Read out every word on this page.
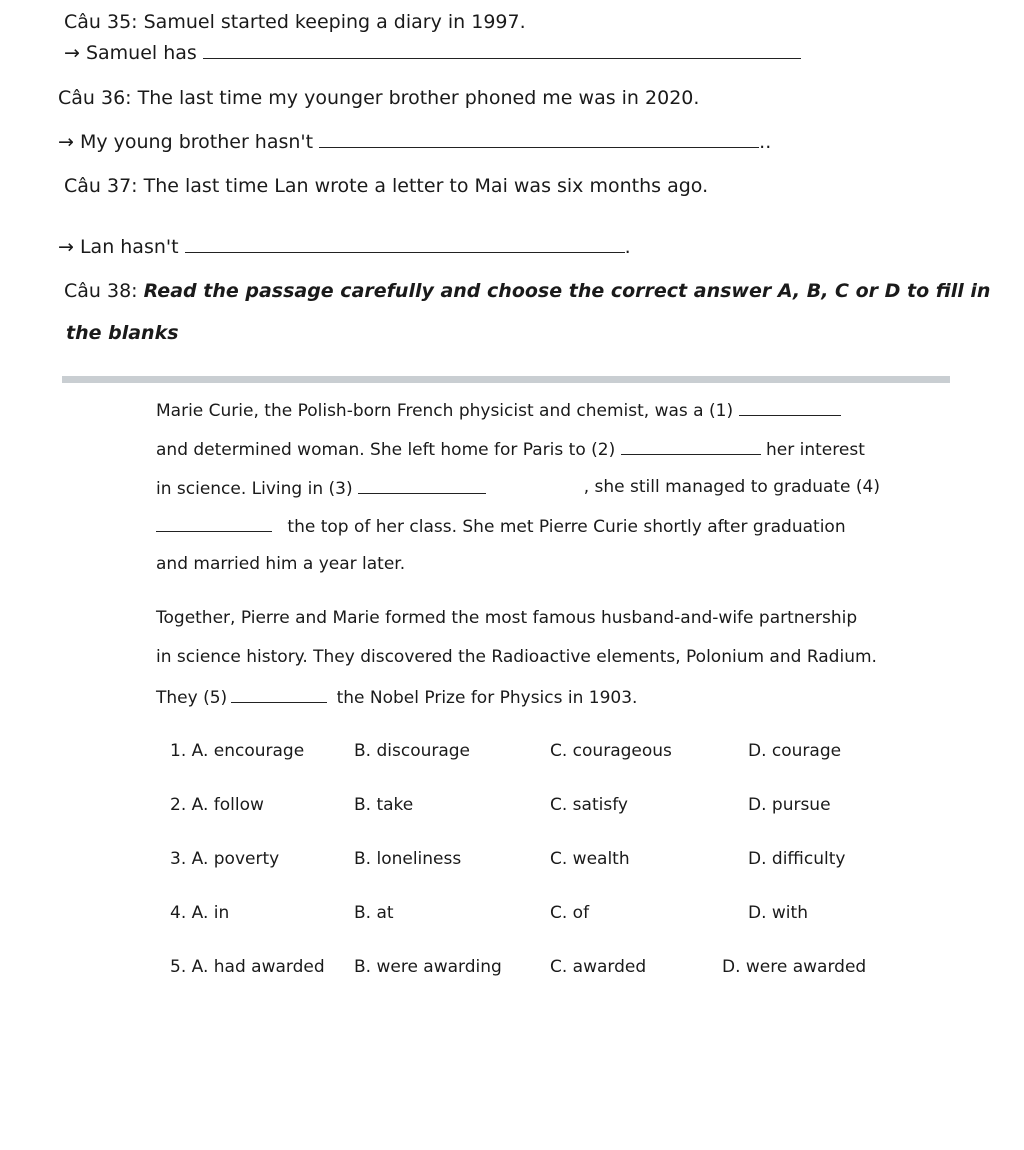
Câu 35: Samuel started keeping a diary in 1997.
→ Samuel has
Câu 36: The last time my younger brother phoned me was in 2020.
→ My young brother hasn't	..
Câu 37: The last time Lan wrote a letter to Mai was six months ago.
→ Lan hasn't	.
Câu 38: Read the passage carefully and choose the correct answer A, B, C or D to fill in
the blanks
Marie Curie, the Polish-born French physicist and chemist, was a (1)
and determined woman. She left home for Paris to (2)	her interest
in science. Living in (3)	, she still managed to graduate (4)
the top of her class. She met Pierre Curie shortly after graduation
and married him a year later.
Together, Pierre and Marie formed the most famous husband-and-wife partnership
in science history. They discovered the Radioactive elements, Polonium and Radium.
They (5)	the Nobel Prize for Physics in 1903.
1. A. encourage	B. discourage	C. courageous	D. courage
2. A. follow	B. take	C. satisfy	D. pursue
3. A. poverty	B. loneliness	C. wealth	D. difficulty
4. A. in	B. at	C. of	D. with
5. A. had awarded B. were awarding	C. awarded	D. were awarded
